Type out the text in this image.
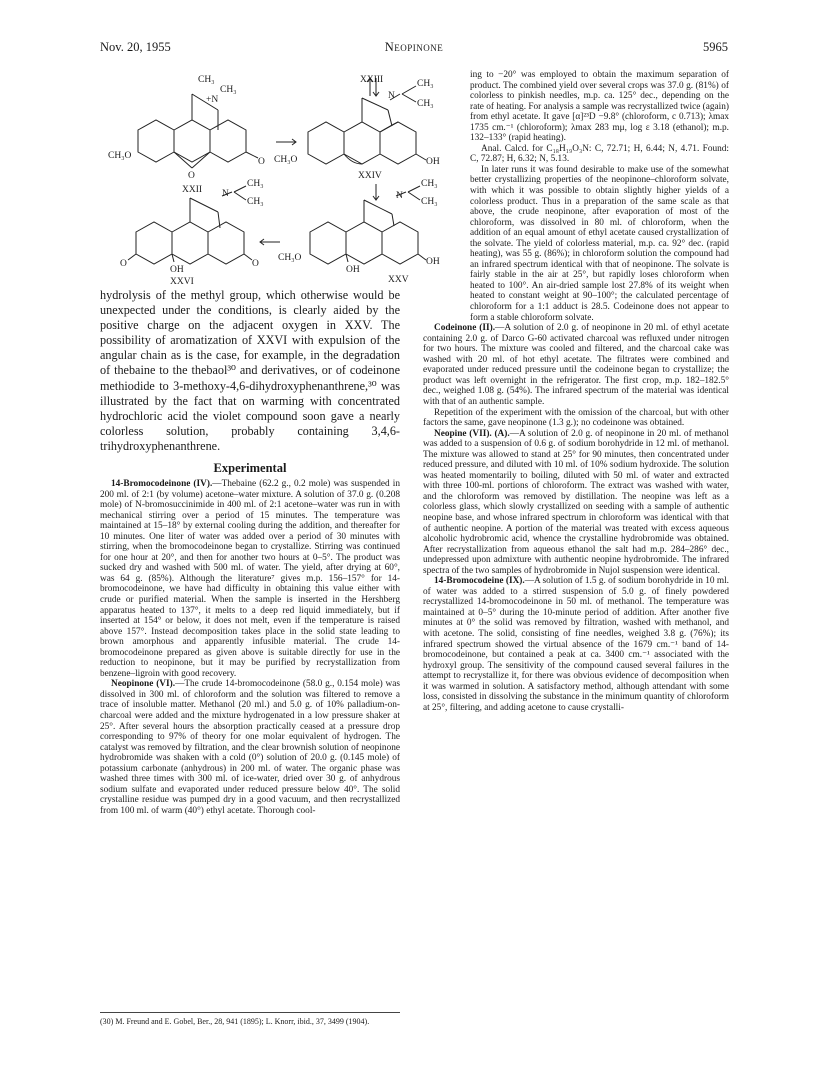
Nov. 20, 1955	Neopinone	5965
CH₃
+N
CH₃
CH₃O
O
O
XXII
XXIII
N
CH₃
CH₃
CH₃O	OH
XXIV
N
CH₃
CH₃
CH₃O
OH
OH
XXV
N
CH₃
CH₃
O
OH
O
XXVI

hydrolysis of the methyl group, which otherwise would be unexpected under the conditions, is clearly aided by the positive charge on the adjacent oxygen in XXV. The possibility of aromatization of XXVI with expulsion of the angular chain as is the case, for example, in the degradation of thebaine to the thebaol³⁰ and derivatives, or of codeinone methiodide to 3-methoxy-4,6-dihydroxyphenanthrene,³⁰ was illustrated by the fact that on warming with concentrated hydrochloric acid the violet compound soon gave a nearly colorless solution, probably containing 3,4,6-trihydroxyphenanthrene.

Experimental

14-Bromocodeinone (IV).—Thebaine (62.2 g., 0.2 mole) was suspended in 200 ml. of 2:1 (by volume) acetone–water mixture. A solution of 37.0 g. (0.208 mole) of N-bromosuccinimide in 400 ml. of 2:1 acetone–water was run in with mechanical stirring over a period of 15 minutes. The temperature was maintained at 15–18° by external cooling during the addition, and thereafter for 10 minutes. One liter of water was added over a period of 30 minutes with stirring, when the bromocodeinone began to crystallize. Stirring was continued for one hour at 20°, and then for another two hours at 0–5°. The product was sucked dry and washed with 500 ml. of water. The yield, after drying at 60°, was 64 g. (85%). Although the literature⁷ gives m.p. 156–157° for 14-bromocodeinone, we have had difficulty in obtaining this value either with crude or purified material. When the sample is inserted in the Hershberg apparatus heated to 137°, it melts to a deep red liquid immediately, but if inserted at 154° or below, it does not melt, even if the temperature is raised above 157°. Instead decomposition takes place in the solid state leading to brown amorphous and apparently infusible material. The crude 14-bromocodeinone prepared as given above is suitable directly for use in the reduction to neopinone, but it may be purified by recrystallization from benzene–ligroin with good recovery.

Neopinone (VI).—The crude 14-bromocodeinone (58.0 g., 0.154 mole) was dissolved in 300 ml. of chloroform and the solution was filtered to remove a trace of insoluble matter. Methanol (20 ml.) and 5.0 g. of 10% palladium-on-charcoal were added and the mixture hydrogenated in a low pressure shaker at 25°. After several hours the absorption practically ceased at a pressure drop corresponding to 97% of theory for one molar equivalent of hydrogen. The catalyst was removed by filtration, and the clear brownish solution of neopinone hydrobromide was shaken with a cold (0°) solution of 20.0 g. (0.145 mole) of potassium carbonate (anhydrous) in 200 ml. of water. The organic phase was washed three times with 300 ml. of ice-water, dried over 30 g. of anhydrous sodium sulfate and evaporated under reduced pressure below 40°. The solid crystalline residue was pumped dry in a good vacuum, and then recrystallized from 100 ml. of warm (40°) ethyl acetate. Thorough cool-

(30) M. Freund and E. Gobel, Ber., 28, 941 (1895); L. Knorr, ibid., 37, 3499 (1904).

ing to −20° was employed to obtain the maximum separation of product. The combined yield over several crops was 37.0 g. (81%) of colorless to pinkish needles, m.p. ca. 125° dec., depending on the rate of heating. For analysis a sample was recrystallized twice (again) from ethyl acetate. It gave [α]²³D −9.8° (chloroform, c 0.713); λmax 1735 cm.⁻¹ (chloroform); λmax 283 mμ, log ε 3.18 (ethanol); m.p. 132–133° (rapid heating).

Anal. Calcd. for C₁₈H₁₉O₃N: C, 72.71; H, 6.44; N, 4.71. Found: C, 72.87; H, 6.32; N, 5.13.

In later runs it was found desirable to make use of the somewhat better crystallizing properties of the neopinone–chloroform solvate, with which it was possible to obtain slightly higher yields of a colorless product. Thus in a preparation of the same scale as that above, the crude neopinone, after evaporation of most of the chloroform, was dissolved in 80 ml. of chloroform, when the addition of an equal amount of ethyl acetate caused crystallization of the solvate. The yield of colorless material, m.p. ca. 92° dec. (rapid heating), was 55 g. (86%); in chloroform solution the compound had an infrared spectrum identical with that of neopinone. The solvate is fairly stable in the air at 25°, but rapidly loses chloroform when heated to 100°. An air-dried sample lost 27.8% of its weight when heated to constant weight at 90–100°; the calculated percentage of chloroform for a 1:1 adduct is 28.5. Codeinone does not appear to form a stable chloroform solvate.

Codeinone (II).—A solution of 2.0 g. of neopinone in 20 ml. of ethyl acetate containing 2.0 g. of Darco G-60 activated charcoal was refluxed under nitrogen for two hours. The mixture was cooled and filtered, and the charcoal cake was washed with 20 ml. of hot ethyl acetate. The filtrates were combined and evaporated under reduced pressure until the codeinone began to crystallize; the product was left overnight in the refrigerator. The first crop, m.p. 182–182.5° dec., weighed 1.08 g. (54%). The infrared spectrum of the material was identical with that of an authentic sample.

Repetition of the experiment with the omission of the charcoal, but with other factors the same, gave neopinone (1.3 g.); no codeinone was obtained.

Neopine (VII). (A).—A solution of 2.0 g. of neopinone in 20 ml. of methanol was added to a suspension of 0.6 g. of sodium borohydride in 12 ml. of methanol. The mixture was allowed to stand at 25° for 90 minutes, then concentrated under reduced pressure, and diluted with 10 ml. of 10% sodium hydroxide. The solution was heated momentarily to boiling, diluted with 50 ml. of water and extracted with three 100-ml. portions of chloroform. The extract was washed with water, and the chloroform was removed by distillation. The neopine was left as a colorless glass, which slowly crystallized on seeding with a sample of authentic neopine base, and whose infrared spectrum in chloroform was identical with that of authentic neopine. A portion of the material was treated with excess aqueous alcoholic hydrobromic acid, whence the crystalline hydrobromide was obtained. After recrystallization from aqueous ethanol the salt had m.p. 284–286° dec., undepressed upon admixture with authentic neopine hydrobromide. The infrared spectra of the two samples of hydrobromide in Nujol suspension were identical.

14-Bromocodeine (IX).—A solution of 1.5 g. of sodium borohydride in 10 ml. of water was added to a stirred suspension of 5.0 g. of finely powdered recrystallized 14-bromocodeinone in 50 ml. of methanol. The temperature was maintained at 0–5° during the 10-minute period of addition. After another five minutes at 0° the solid was removed by filtration, washed with methanol, and with acetone. The solid, consisting of fine needles, weighed 3.8 g. (76%); its infrared spectrum showed the virtual absence of the 1679 cm.⁻¹ band of 14-bromocodeinone, but contained a peak at ca. 3400 cm.⁻¹ associated with the hydroxyl group. The sensitivity of the compound caused several failures in the attempt to recrystallize it, for there was obvious evidence of decomposition when it was warmed in solution. A satisfactory method, although attendant with some loss, consisted in dissolving the substance in the minimum quantity of chloroform at 25°, filtering, and adding acetone to cause crystalli-
